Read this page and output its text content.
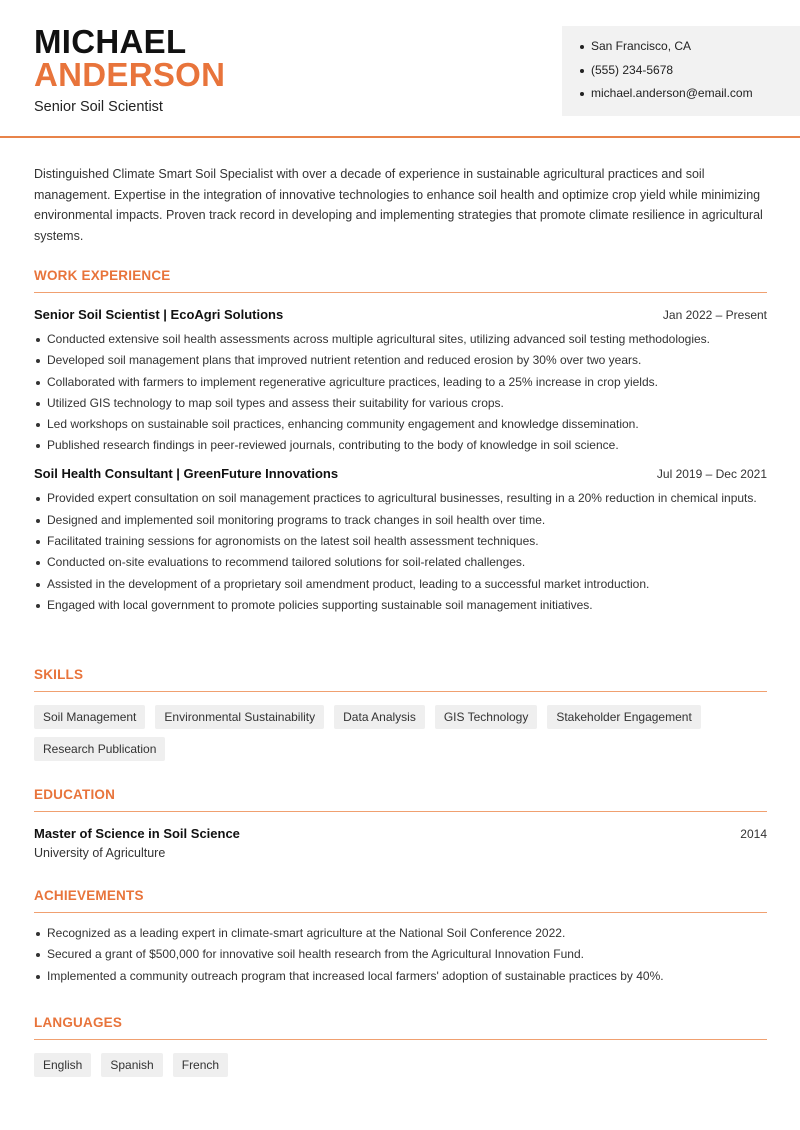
MICHAEL
ANDERSON
Senior Soil Scientist
San Francisco, CA
(555) 234-5678
michael.anderson@email.com

Distinguished Climate Smart Soil Specialist with over a decade of experience in sustainable agricultural practices and soil management. Expertise in the integration of innovative technologies to enhance soil health and optimize crop yield while minimizing environmental impacts. Proven track record in developing and implementing strategies that promote climate resilience in agricultural systems.

WORK EXPERIENCE
Senior Soil Scientist | EcoAgri Solutions	Jan 2022 – Present
Conducted extensive soil health assessments across multiple agricultural sites, utilizing advanced soil testing methodologies.
Developed soil management plans that improved nutrient retention and reduced erosion by 30% over two years.
Collaborated with farmers to implement regenerative agriculture practices, leading to a 25% increase in crop yields.
Utilized GIS technology to map soil types and assess their suitability for various crops.
Led workshops on sustainable soil practices, enhancing community engagement and knowledge dissemination.
Published research findings in peer-reviewed journals, contributing to the body of knowledge in soil science.
Soil Health Consultant | GreenFuture Innovations	Jul 2019 – Dec 2021
Provided expert consultation on soil management practices to agricultural businesses, resulting in a 20% reduction in chemical inputs.
Designed and implemented soil monitoring programs to track changes in soil health over time.
Facilitated training sessions for agronomists on the latest soil health assessment techniques.
Conducted on-site evaluations to recommend tailored solutions for soil-related challenges.
Assisted in the development of a proprietary soil amendment product, leading to a successful market introduction.
Engaged with local government to promote policies supporting sustainable soil management initiatives.
SKILLS
Soil Management	Environmental Sustainability	Data Analysis	GIS Technology	Stakeholder Engagement
Research Publication
EDUCATION
Master of Science in Soil Science	2014
University of Agriculture
ACHIEVEMENTS
Recognized as a leading expert in climate-smart agriculture at the National Soil Conference 2022.
Secured a grant of $500,000 for innovative soil health research from the Agricultural Innovation Fund.
Implemented a community outreach program that increased local farmers' adoption of sustainable practices by 40%.
LANGUAGES
English	Spanish	French
